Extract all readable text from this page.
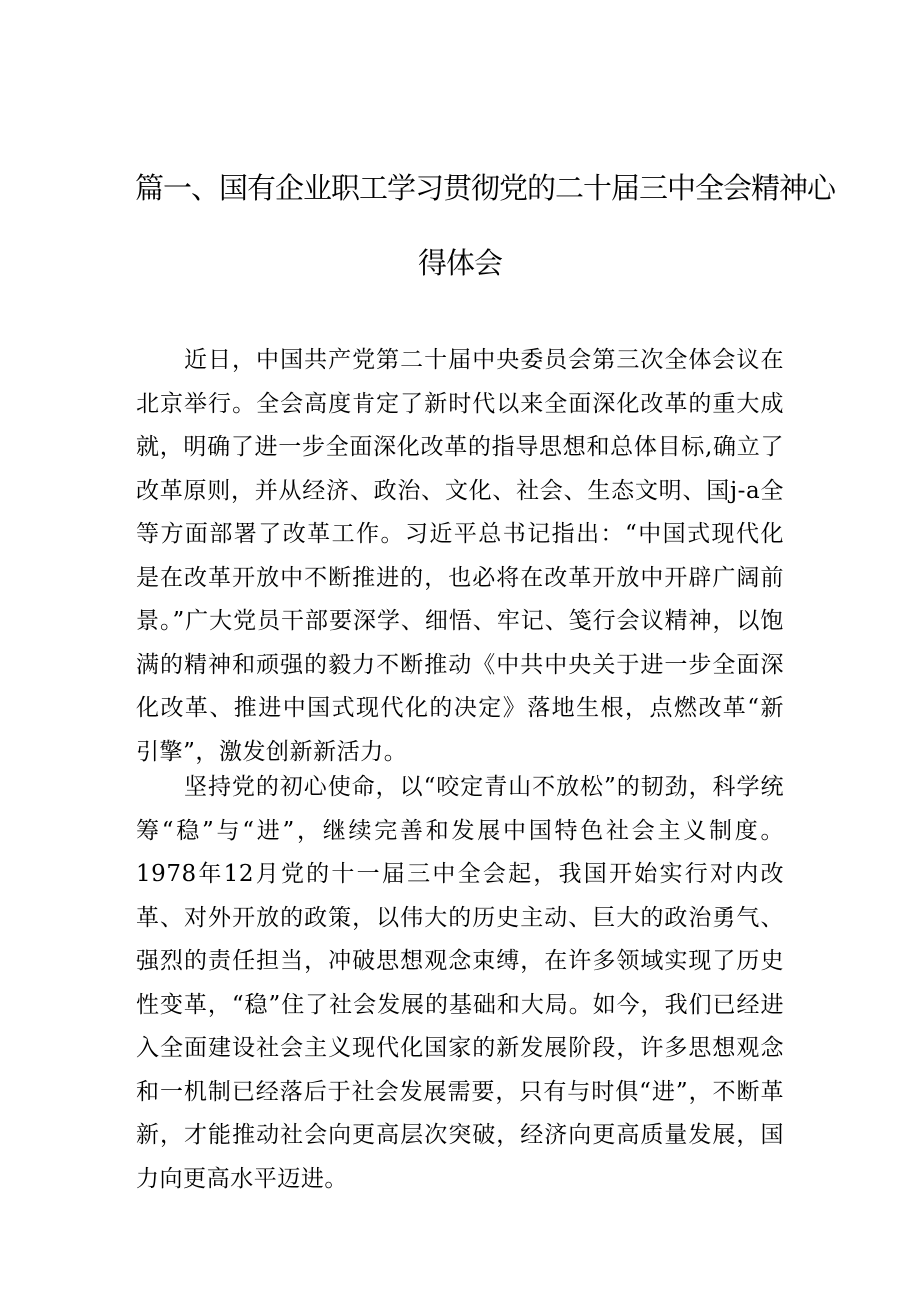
篇一、国有企业职工学习贯彻党的二十届三中全会精神心
得体会

近日，中国共产党第二十届中央委员会第三次全体会议在北京举行。全会高度肯定了新时代以来全面深化改革的重大成就，明确了进一步全面深化改革的指导思想和总体目标,确立了改革原则，并从经济、政治、文化、社会、生态文明、国j-a全等方面部署了改革工作。习近平总书记指出：“中国式现代化是在改革开放中不断推进的，也必将在改革开放中开辟广阔前景。”广大党员干部要深学、细悟、牢记、笺行会议精神，以饱满的精神和顽强的毅力不断推动《中共中央关于进一步全面深化改革、推进中国式现代化的决定》落地生根，点燃改革“新引擎”，激发创新新活力。

坚持党的初心使命，以“咬定青山不放松”的韧劲，科学统筹“稳”与“进”，继续完善和发展中国特色社会主义制度。1978年12月党的十一届三中全会起，我国开始实行对内改革、对外开放的政策，以伟大的历史主动、巨大的政治勇气、强烈的责任担当，冲破思想观念束缚，在许多领域实现了历史性变革，“稳”住了社会发展的基础和大局。如今，我们已经进入全面建设社会主义现代化国家的新发展阶段，许多思想观念和一机制已经落后于社会发展需要，只有与时俱“进”，不断革新，才能推动社会向更高层次突破，经济向更高质量发展，国力向更高水平迈进。
